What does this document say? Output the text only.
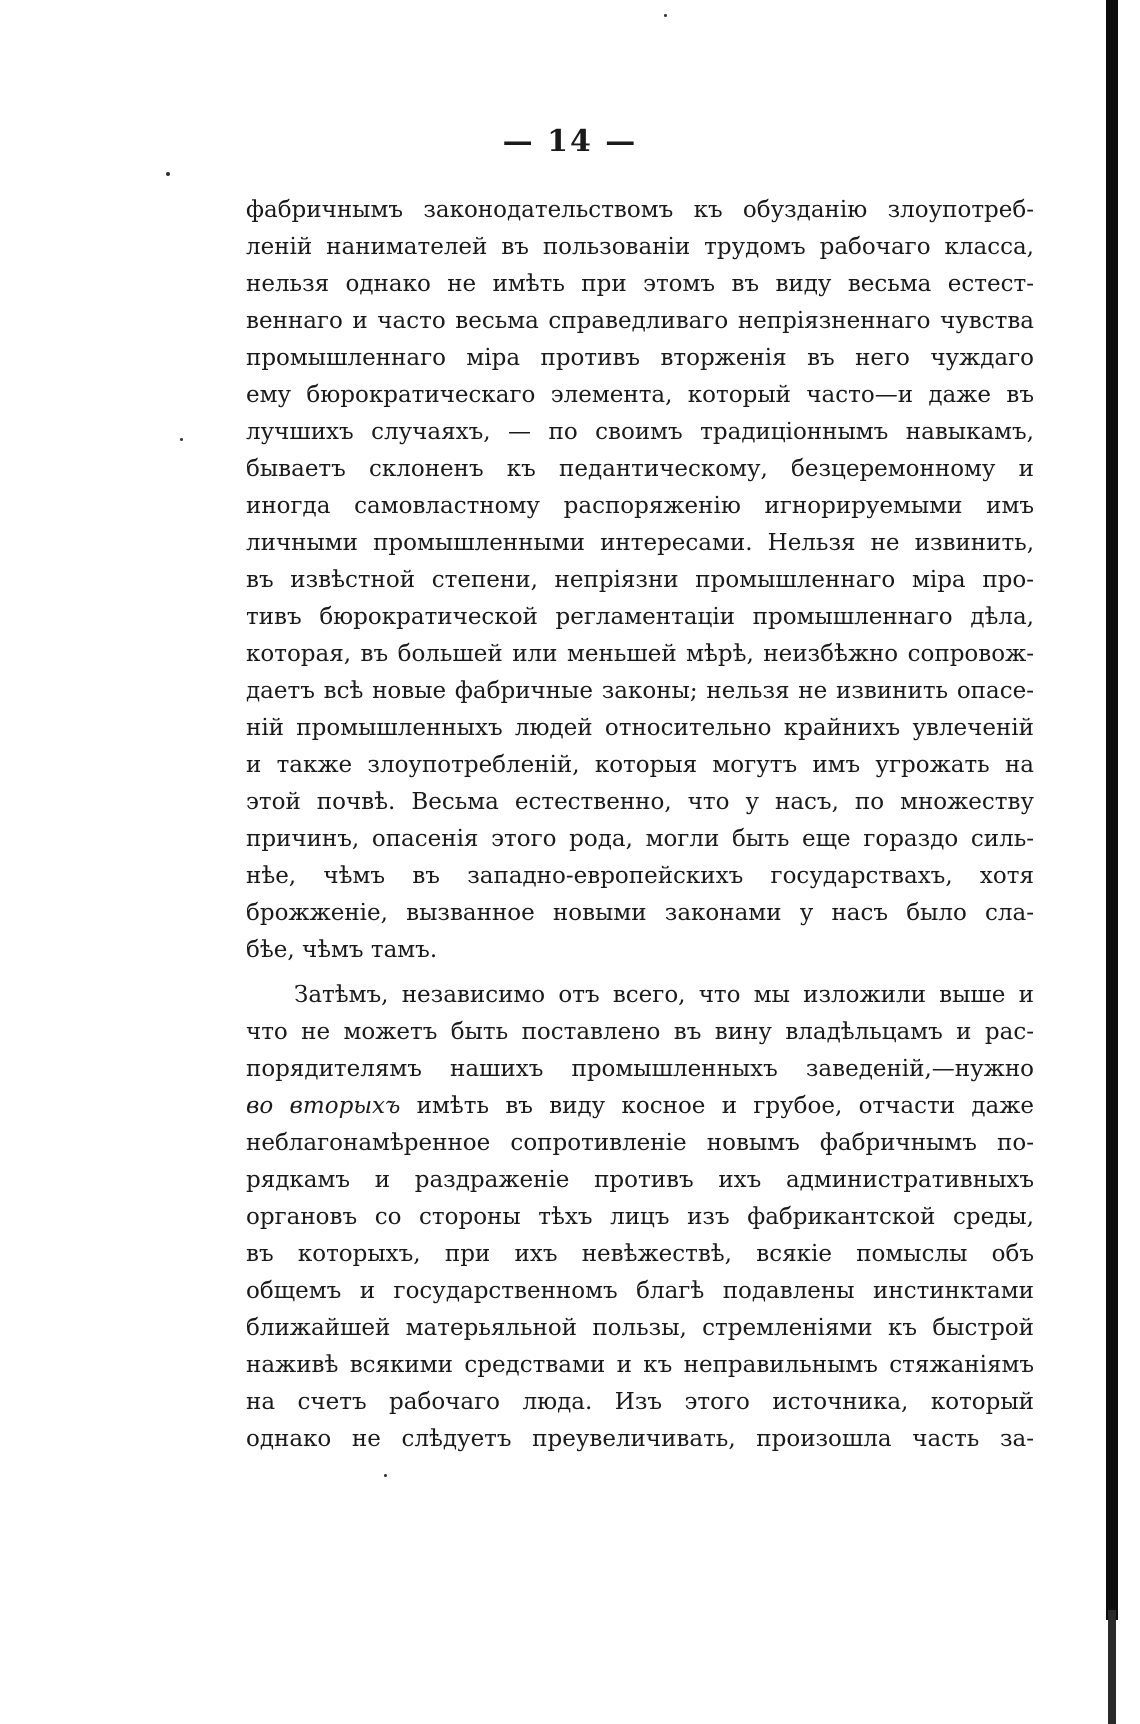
— 14 —
фабричнымъ законодательствомъ къ обузданію злоупотреб-
леній нанимателей въ пользованіи трудомъ рабочаго класса,
нельзя однако не имѣть при этомъ въ виду весьма естест-
веннаго и часто весьма справедливаго непріязненнаго чувства
промышленнаго міра противъ вторженія въ него чуждаго
ему бюрократическаго элемента, который часто—и даже въ
лучшихъ случаяхъ, — по своимъ традиціоннымъ навыкамъ,
бываетъ склоненъ къ педантическому, безцеремонному и
иногда самовластному распоряженію игнорируемыми имъ
личными промышленными интересами. Нельзя не извинить,
въ извѣстной степени, непріязни промышленнаго міра про-
тивъ бюрократической регламентаціи промышленнаго дѣла,
которая, въ большей или меньшей мѣрѣ, неизбѣжно сопровож-
даетъ всѣ новые фабричные законы; нельзя не извинить опасе-
ній промышленныхъ людей относительно крайнихъ увлеченій
и также злоупотребленій, которыя могутъ имъ угрожать на
этой почвѣ. Весьма естественно, что у насъ, по множеству
причинъ, опасенія этого рода, могли быть еще гораздо силь-
нѣе, чѣмъ въ западно-европейскихъ государствахъ, хотя
брожженіе, вызванное новыми законами у насъ было сла-
бѣе, чѣмъ тамъ.
Затѣмъ, независимо отъ всего, что мы изложили выше и
что не можетъ быть поставлено въ вину владѣльцамъ и рас-
порядителямъ нашихъ промышленныхъ заведеній,—нужно
во вторыхъ имѣть въ виду косное и грубое, отчасти даже
неблагонамѣренное сопротивленіе новымъ фабричнымъ по-
рядкамъ и раздраженіе противъ ихъ административныхъ
органовъ со стороны тѣхъ лицъ изъ фабрикантской среды,
въ которыхъ, при ихъ невѣжествѣ, всякіе помыслы объ
общемъ и государственномъ благѣ подавлены инстинктами
ближайшей матерьяльной пользы, стремленіями къ быстрой
наживѣ всякими средствами и къ неправильнымъ стяжаніямъ
на счетъ рабочаго люда. Изъ этого источника, который
однако не слѣдуетъ преувеличивать, произошла часть за-
